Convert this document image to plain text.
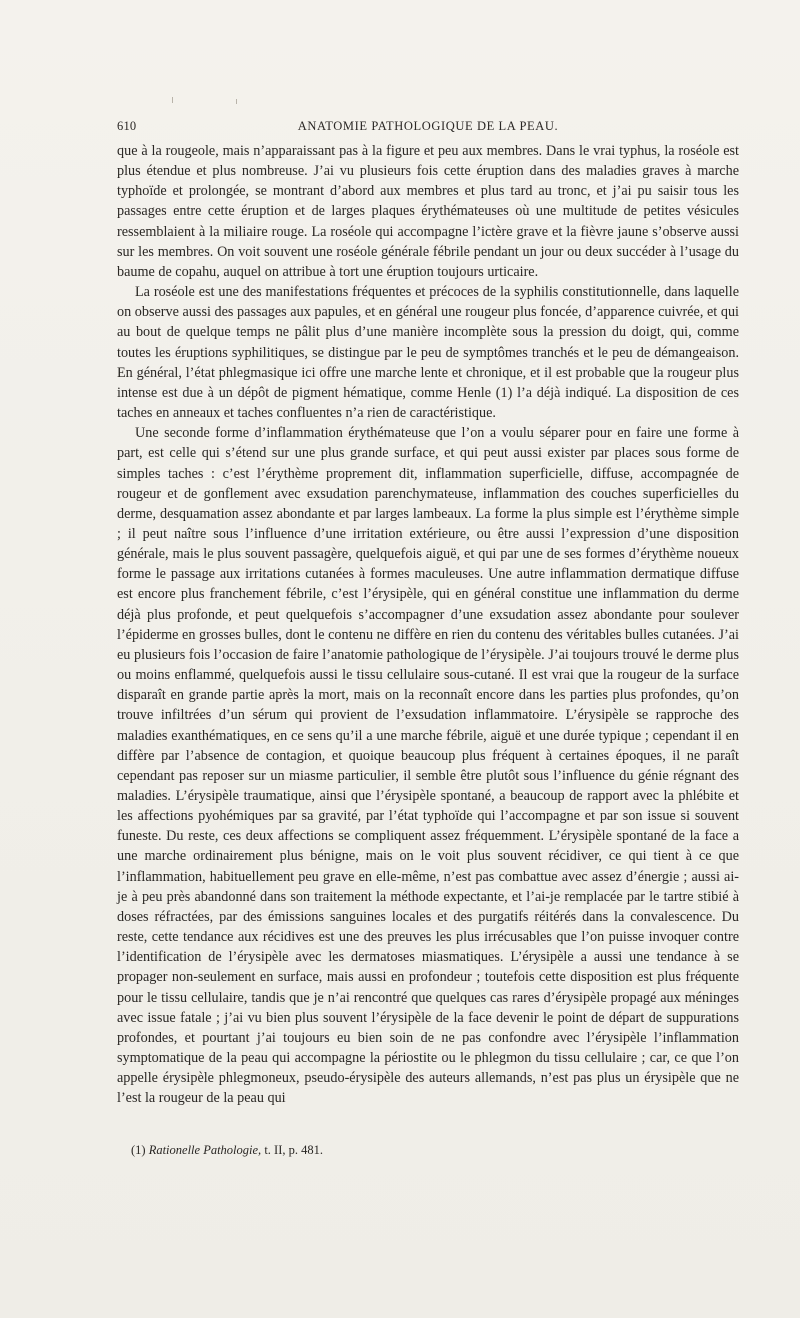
610	ANATOMIE PATHOLOGIQUE DE LA PEAU.

que à la rougeole, mais n’apparaissant pas à la figure et peu aux membres. Dans le vrai typhus, la roséole est plus étendue et plus nombreuse. J’ai vu plusieurs fois cette éruption dans des maladies graves à marche typhoïde et prolongée, se montrant d’abord aux membres et plus tard au tronc, et j’ai pu saisir tous les passages entre cette éruption et de larges plaques érythémateuses où une multitude de petites vésicules ressemblaient à la miliaire rouge. La roséole qui accompagne l’ictère grave et la fièvre jaune s’observe aussi sur les membres. On voit souvent une roséole générale fébrile pendant un jour ou deux succéder à l’usage du baume de copahu, auquel on attribue à tort une éruption toujours urticaire.

La roséole est une des manifestations fréquentes et précoces de la syphilis constitutionnelle, dans laquelle on observe aussi des passages aux papules, et en général une rougeur plus foncée, d’apparence cuivrée, et qui au bout de quelque temps ne pâlit plus d’une manière incomplète sous la pression du doigt, qui, comme toutes les éruptions syphilitiques, se distingue par le peu de symptômes tranchés et le peu de démangeaison. En général, l’état phlegmasique ici offre une marche lente et chronique, et il est probable que la rougeur plus intense est due à un dépôt de pigment hématique, comme Henle (1) l’a déjà indiqué. La disposition de ces taches en anneaux et taches confluentes n’a rien de caractéristique.

Une seconde forme d’inflammation érythémateuse que l’on a voulu séparer pour en faire une forme à part, est celle qui s’étend sur une plus grande surface, et qui peut aussi exister par places sous forme de simples taches : c’est l’érythème proprement dit, inflammation superficielle, diffuse, accompagnée de rougeur et de gonflement avec exsudation parenchymateuse, inflammation des couches superficielles du derme, desquamation assez abondante et par larges lambeaux. La forme la plus simple est l’érythème simple ; il peut naître sous l’influence d’une irritation extérieure, ou être aussi l’expression d’une disposition générale, mais le plus souvent passagère, quelquefois aiguë, et qui par une de ses formes d’érythème noueux forme le passage aux irritations cutanées à formes maculeuses. Une autre inflammation dermatique diffuse est encore plus franchement fébrile, c’est l’érysipèle, qui en général constitue une inflammation du derme déjà plus profonde, et peut quelquefois s’accompagner d’une exsudation assez abondante pour soulever l’épiderme en grosses bulles, dont le contenu ne diffère en rien du contenu des véritables bulles cutanées. J’ai eu plusieurs fois l’occasion de faire l’anatomie pathologique de l’érysipèle. J’ai toujours trouvé le derme plus ou moins enflammé, quelquefois aussi le tissu cellulaire sous-cutané. Il est vrai que la rougeur de la surface disparaît en grande partie après la mort, mais on la reconnaît encore dans les parties plus profondes, qu’on trouve infiltrées d’un sérum qui provient de l’exsudation inflammatoire. L’érysipèle se rapproche des maladies exanthématiques, en ce sens qu’il a une marche fébrile, aiguë et une durée typique ; cependant il en diffère par l’absence de contagion, et quoique beaucoup plus fréquent à certaines époques, il ne paraît cependant pas reposer sur un miasme particulier, il semble être plutôt sous l’influence du génie régnant des maladies. L’érysipèle traumatique, ainsi que l’érysipèle spontané, a beaucoup de rapport avec la phlébite et les affections pyohémiques par sa gravité, par l’état typhoïde qui l’accompagne et par son issue si souvent funeste. Du reste, ces deux affections se compliquent assez fréquemment. L’érysipèle spontané de la face a une marche ordinairement plus bénigne, mais on le voit plus souvent récidiver, ce qui tient à ce que l’inflammation, habituellement peu grave en elle-même, n’est pas combattue avec assez d’énergie ; aussi ai-je à peu près abandonné dans son traitement la méthode expectante, et l’ai-je remplacée par le tartre stibié à doses réfractées, par des émissions sanguines locales et des purgatifs réitérés dans la convalescence. Du reste, cette tendance aux récidives est une des preuves les plus irrécusables que l’on puisse invoquer contre l’identification de l’érysipèle avec les dermatoses miasmatiques. L’érysipèle a aussi une tendance à se propager non-seulement en surface, mais aussi en profondeur ; toutefois cette disposition est plus fréquente pour le tissu cellulaire, tandis que je n’ai rencontré que quelques cas rares d’érysipèle propagé aux méninges avec issue fatale ; j’ai vu bien plus souvent l’érysipèle de la face devenir le point de départ de suppurations profondes, et pourtant j’ai toujours eu bien soin de ne pas confondre avec l’érysipèle l’inflammation symptomatique de la peau qui accompagne la périostite ou le phlegmon du tissu cellulaire ; car, ce que l’on appelle érysipèle phlegmoneux, pseudo-érysipèle des auteurs allemands, n’est pas plus un érysipèle que ne l’est la rougeur de la peau qui

(1) Rationelle Pathologie, t. II, p. 481.
